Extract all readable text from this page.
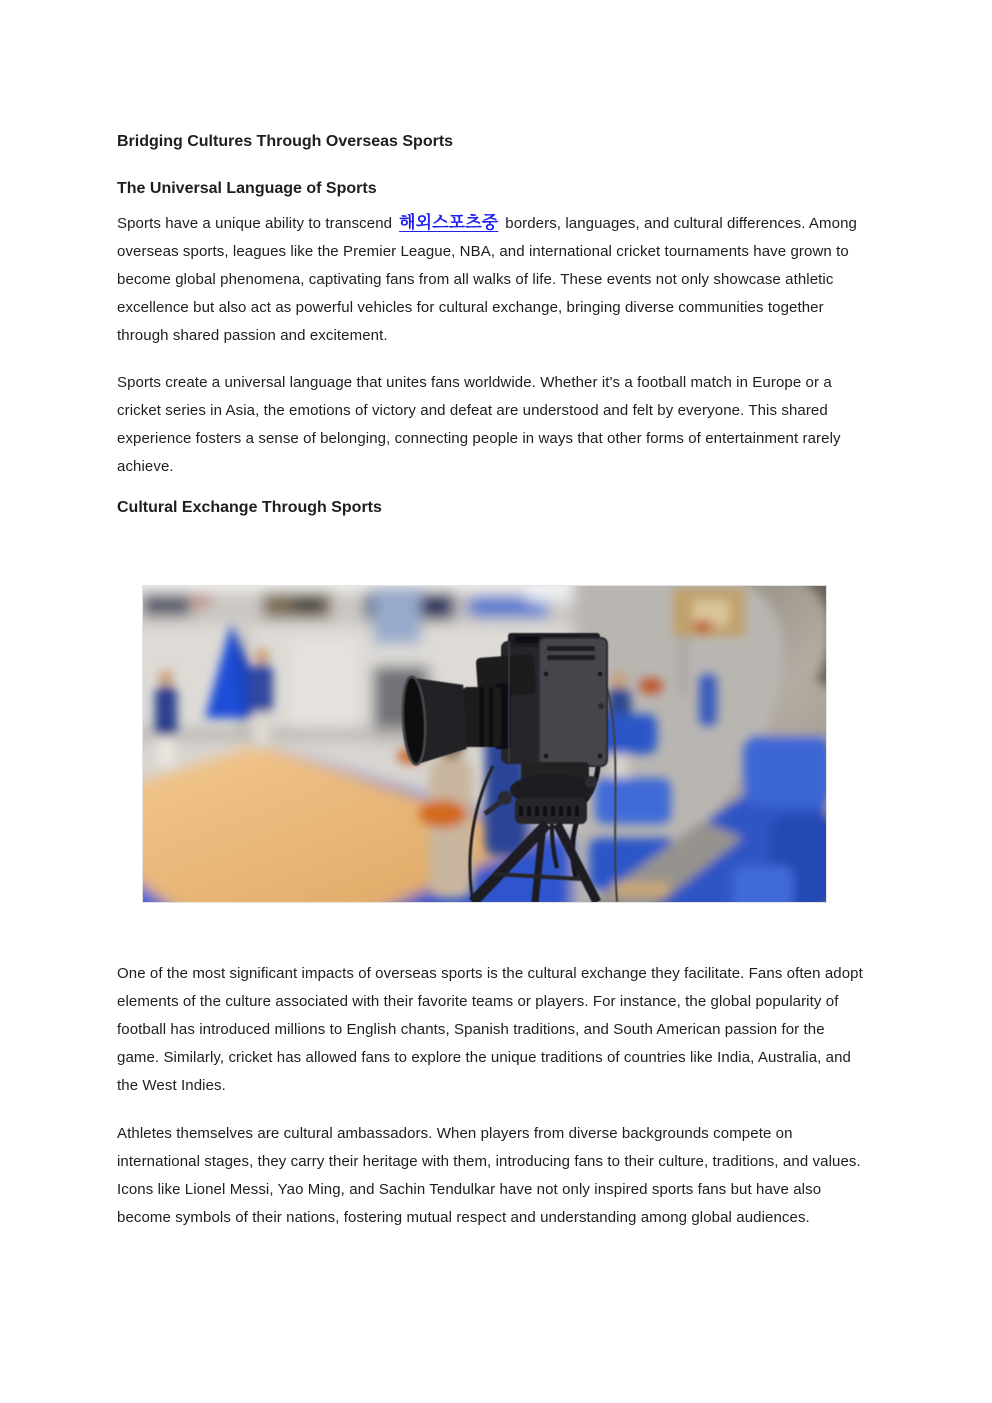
Bridging Cultures Through Overseas Sports
The Universal Language of Sports

Sports have a unique ability to transcend 해외스포츠중 borders, languages, and cultural differences. Among overseas sports, leagues like the Premier League, NBA, and international cricket tournaments have grown to become global phenomena, captivating fans from all walks of life. These events not only showcase athletic excellence but also act as powerful vehicles for cultural exchange, bringing diverse communities together through shared passion and excitement.

Sports create a universal language that unites fans worldwide. Whether it's a football match in Europe or a cricket series in Asia, the emotions of victory and defeat are understood and felt by everyone. This shared experience fosters a sense of belonging, connecting people in ways that other forms of entertainment rarely achieve.

Cultural Exchange Through Sports

One of the most significant impacts of overseas sports is the cultural exchange they facilitate. Fans often adopt elements of the culture associated with their favorite teams or players. For instance, the global popularity of football has introduced millions to English chants, Spanish traditions, and South American passion for the game. Similarly, cricket has allowed fans to explore the unique traditions of countries like India, Australia, and the West Indies.

Athletes themselves are cultural ambassadors. When players from diverse backgrounds compete on international stages, they carry their heritage with them, introducing fans to their culture, traditions, and values. Icons like Lionel Messi, Yao Ming, and Sachin Tendulkar have not only inspired sports fans but have also become symbols of their nations, fostering mutual respect and understanding among global audiences.
